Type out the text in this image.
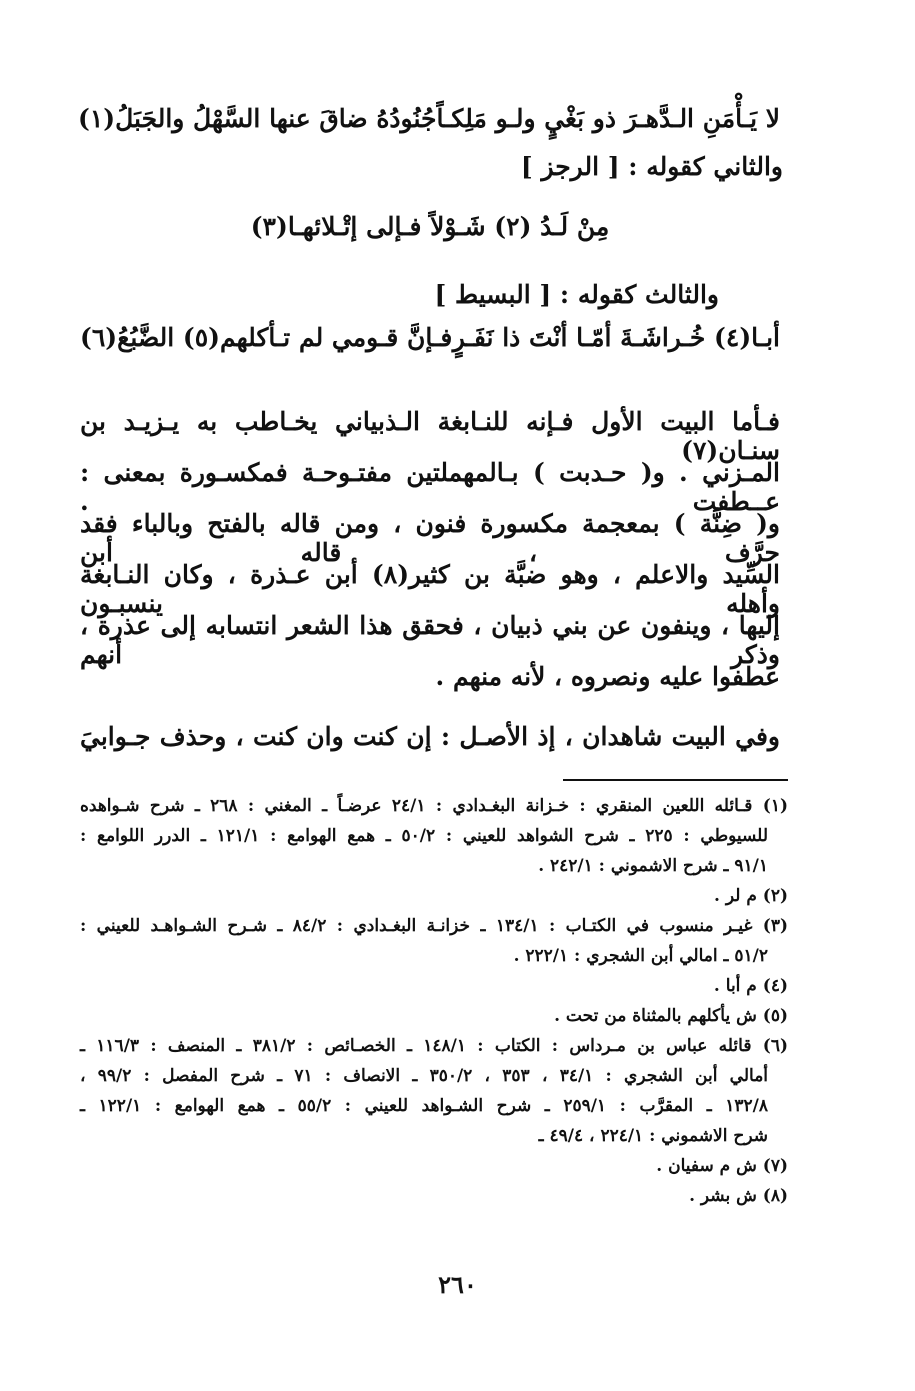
لا يَـأْمَنِ الـدَّهـرَ ذو بَغْيٍ ولـو مَلِكـاً
جُنُودُهُ ضاقَ عنها السَّهْلُ والجَبَلُ(١)
والثاني كقوله : [ الرجز ]
مِنْ لَـدُ (٢) شَـوْلاً فـإلى إتْـلائهـا(٣)
والثالث كقوله : [ البسيط ]
أبـا(٤) خُـراشَـةَ أمّـا أنْتَ ذا نَفَـرٍ
فـإنَّ قـومي لم تـأكلهم(٥) الضَّبُعُ(٦)
فـأما البيت الأول فـإنه للنـابغة الـذبياني يخـاطب به يـزيـد بن سنـان(٧)
المـزني . و( حـدبت ) بـالمهملتين مفتـوحـة فمكسـورة بمعنى : عــطفت .
و( ضِنَّة ) بمعجمة مكسورة فنون ، ومن قاله بالفتح وبالباء فقد حرَّف ، قاله أبن
السِّيد والاعلم ، وهو ضبَّة بن كثير(٨) أبن عـذرة ، وكان النـابغة وأهله ينسبـون
إليها ، وينفون عن بني ذبيان ، فحقق هذا الشعر انتسابه إلى عذرة ، وذكر أنهم
عطفوا عليه ونصروه ، لأنه منهم .
وفي البيت شاهدان ، إذ الأصـل : إن كنت وان كنت ، وحذف جـوابيَ
(١) قـائله اللعين المنقري : خـزانة البغـدادي : ٢٤/١ عرضـاً ـ المغني : ٢٦٨ ـ شرح شـواهده
للسيوطي : ٢٢٥ ـ شرح الشواهد للعيني : ٥٠/٢ ـ همع الهوامع : ١٢١/١ ـ الدرر اللوامع :
٩١/١ ـ شرح الاشموني : ٢٤٢/١ .
(٢) م لر .
(٣) غيـر منسوب في الكتـاب : ١٣٤/١ ـ خزانـة البغـدادي : ٨٤/٢ ـ شـرح الشـواهـد للعيني :
٥١/٢ ـ امالي أبن الشجري : ٢٢٢/١ .
(٤) م أبا .
(٥) ش يأكلهم بالمثناة من تحت .
(٦) قائله عباس بن مـرداس : الكتاب : ١٤٨/١ ـ الخصـائص : ٣٨١/٢ ـ المنصف : ١١٦/٣ ـ
أمالي أبن الشجري : ٣٤/١ ، ٣٥٣ ، ٣٥٠/٢ ـ الانصاف : ٧١ ـ شرح المفصل : ٩٩/٢ ،
١٣٢/٨ ـ المقرَّب : ٢٥٩/١ ـ شرح الشـواهد للعيني : ٥٥/٢ ـ همع الهوامع : ١٢٢/١ ـ
شرح الاشموني : ٢٢٤/١ ، ٤٩/٤ ـ
(٧) ش م سفيان .
(٨) ش بشر .
٢٦٠
